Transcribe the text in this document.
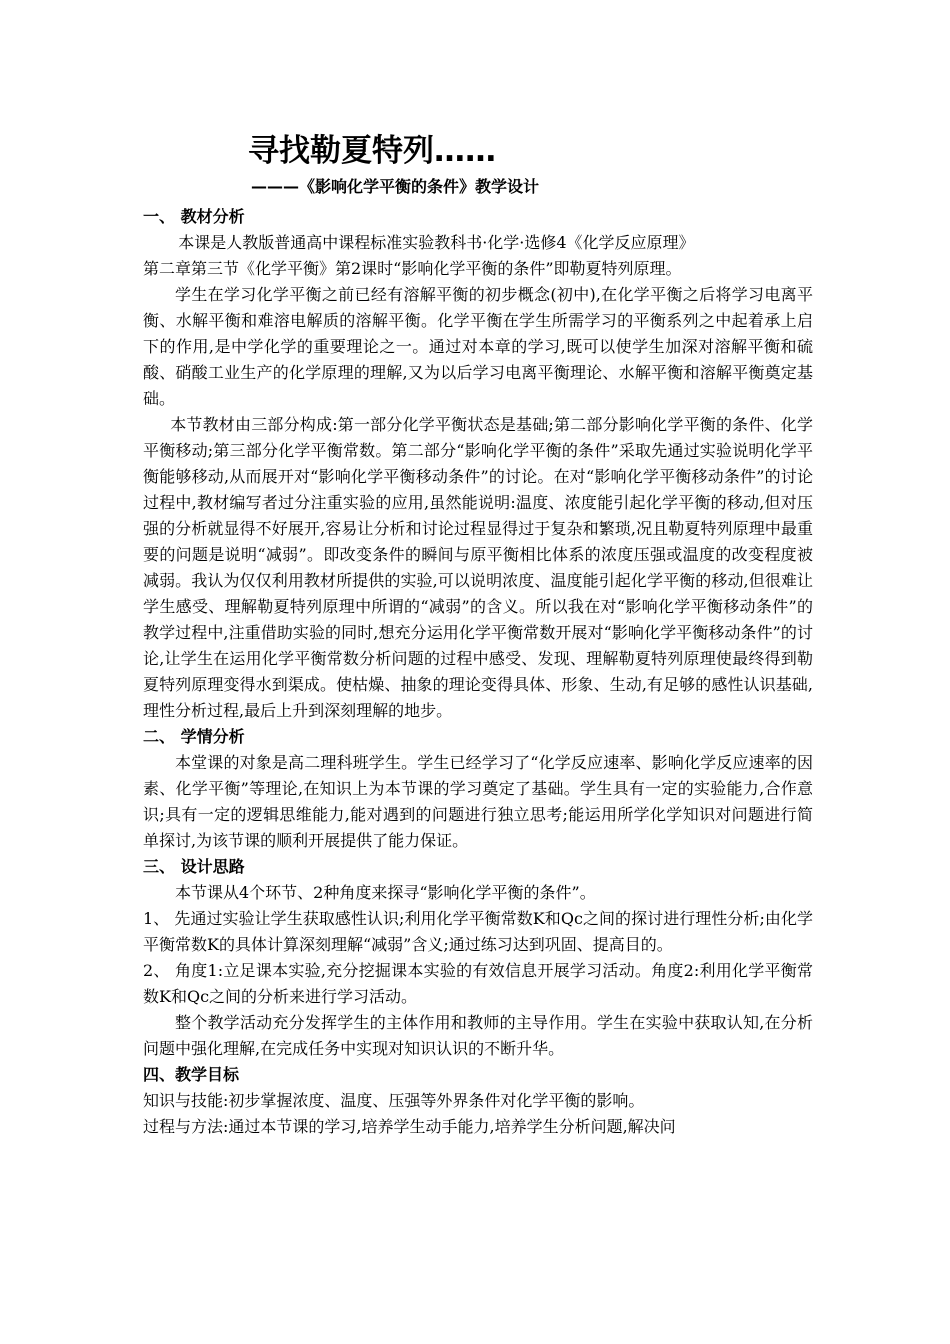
寻找勒夏特列……
———《影响化学平衡的条件》教学设计
一、 教材分析

本课是人教版普通高中课程标准实验教科书·化学·选修4《化学反应原理》

第二章第三节《化学平衡》第2课时“影响化学平衡的条件”即勒夏特列原理。

学生在学习化学平衡之前已经有溶解平衡的初步概念(初中),在化学平衡之后将学习电离平衡、水解平衡和难溶电解质的溶解平衡。化学平衡在学生所需学习的平衡系列之中起着承上启下的作用,是中学化学的重要理论之一。通过对本章的学习,既可以使学生加深对溶解平衡和硫酸、硝酸工业生产的化学原理的理解,又为以后学习电离平衡理论、水解平衡和溶解平衡奠定基础。

本节教材由三部分构成:第一部分化学平衡状态是基础;第二部分影响化学平衡的条件、化学平衡移动;第三部分化学平衡常数。第二部分“影响化学平衡的条件”采取先通过实验说明化学平衡能够移动,从而展开对“影响化学平衡移动条件”的讨论。在对“影响化学平衡移动条件”的讨论过程中,教材编写者过分注重实验的应用,虽然能说明:温度、浓度能引起化学平衡的移动,但对压强的分析就显得不好展开,容易让分析和讨论过程显得过于复杂和繁琐,况且勒夏特列原理中最重要的问题是说明“减弱”。即改变条件的瞬间与原平衡相比体系的浓度压强或温度的改变程度被减弱。我认为仅仅利用教材所提供的实验,可以说明浓度、温度能引起化学平衡的移动,但很难让学生感受、理解勒夏特列原理中所谓的“减弱”的含义。所以我在对“影响化学平衡移动条件”的教学过程中,注重借助实验的同时,想充分运用化学平衡常数开展对“影响化学平衡移动条件”的讨论,让学生在运用化学平衡常数分析问题的过程中感受、发现、理解勒夏特列原理使最终得到勒夏特列原理变得水到渠成。使枯燥、抽象的理论变得具体、形象、生动,有足够的感性认识基础,理性分析过程,最后上升到深刻理解的地步。

二、 学情分析

本堂课的对象是高二理科班学生。学生已经学习了“化学反应速率、影响化学反应速率的因素、化学平衡”等理论,在知识上为本节课的学习奠定了基础。学生具有一定的实验能力,合作意识;具有一定的逻辑思维能力,能对遇到的问题进行独立思考;能运用所学化学知识对问题进行简单探讨,为该节课的顺利开展提供了能力保证。

三、 设计思路

本节课从4个环节、2种角度来探寻“影响化学平衡的条件”。

1、 先通过实验让学生获取感性认识;利用化学平衡常数K和Qc之间的探讨进行理性分析;由化学平衡常数K的具体计算深刻理解“减弱”含义;通过练习达到巩固、提高目的。

2、 角度1:立足课本实验,充分挖掘课本实验的有效信息开展学习活动。角度2:利用化学平衡常数K和Qc之间的分析来进行学习活动。

整个教学活动充分发挥学生的主体作用和教师的主导作用。学生在实验中获取认知,在分析问题中强化理解,在完成任务中实现对知识认识的不断升华。

四、教学目标

知识与技能:初步掌握浓度、温度、压强等外界条件对化学平衡的影响。

过程与方法:通过本节课的学习,培养学生动手能力,培养学生分析问题,解决问
